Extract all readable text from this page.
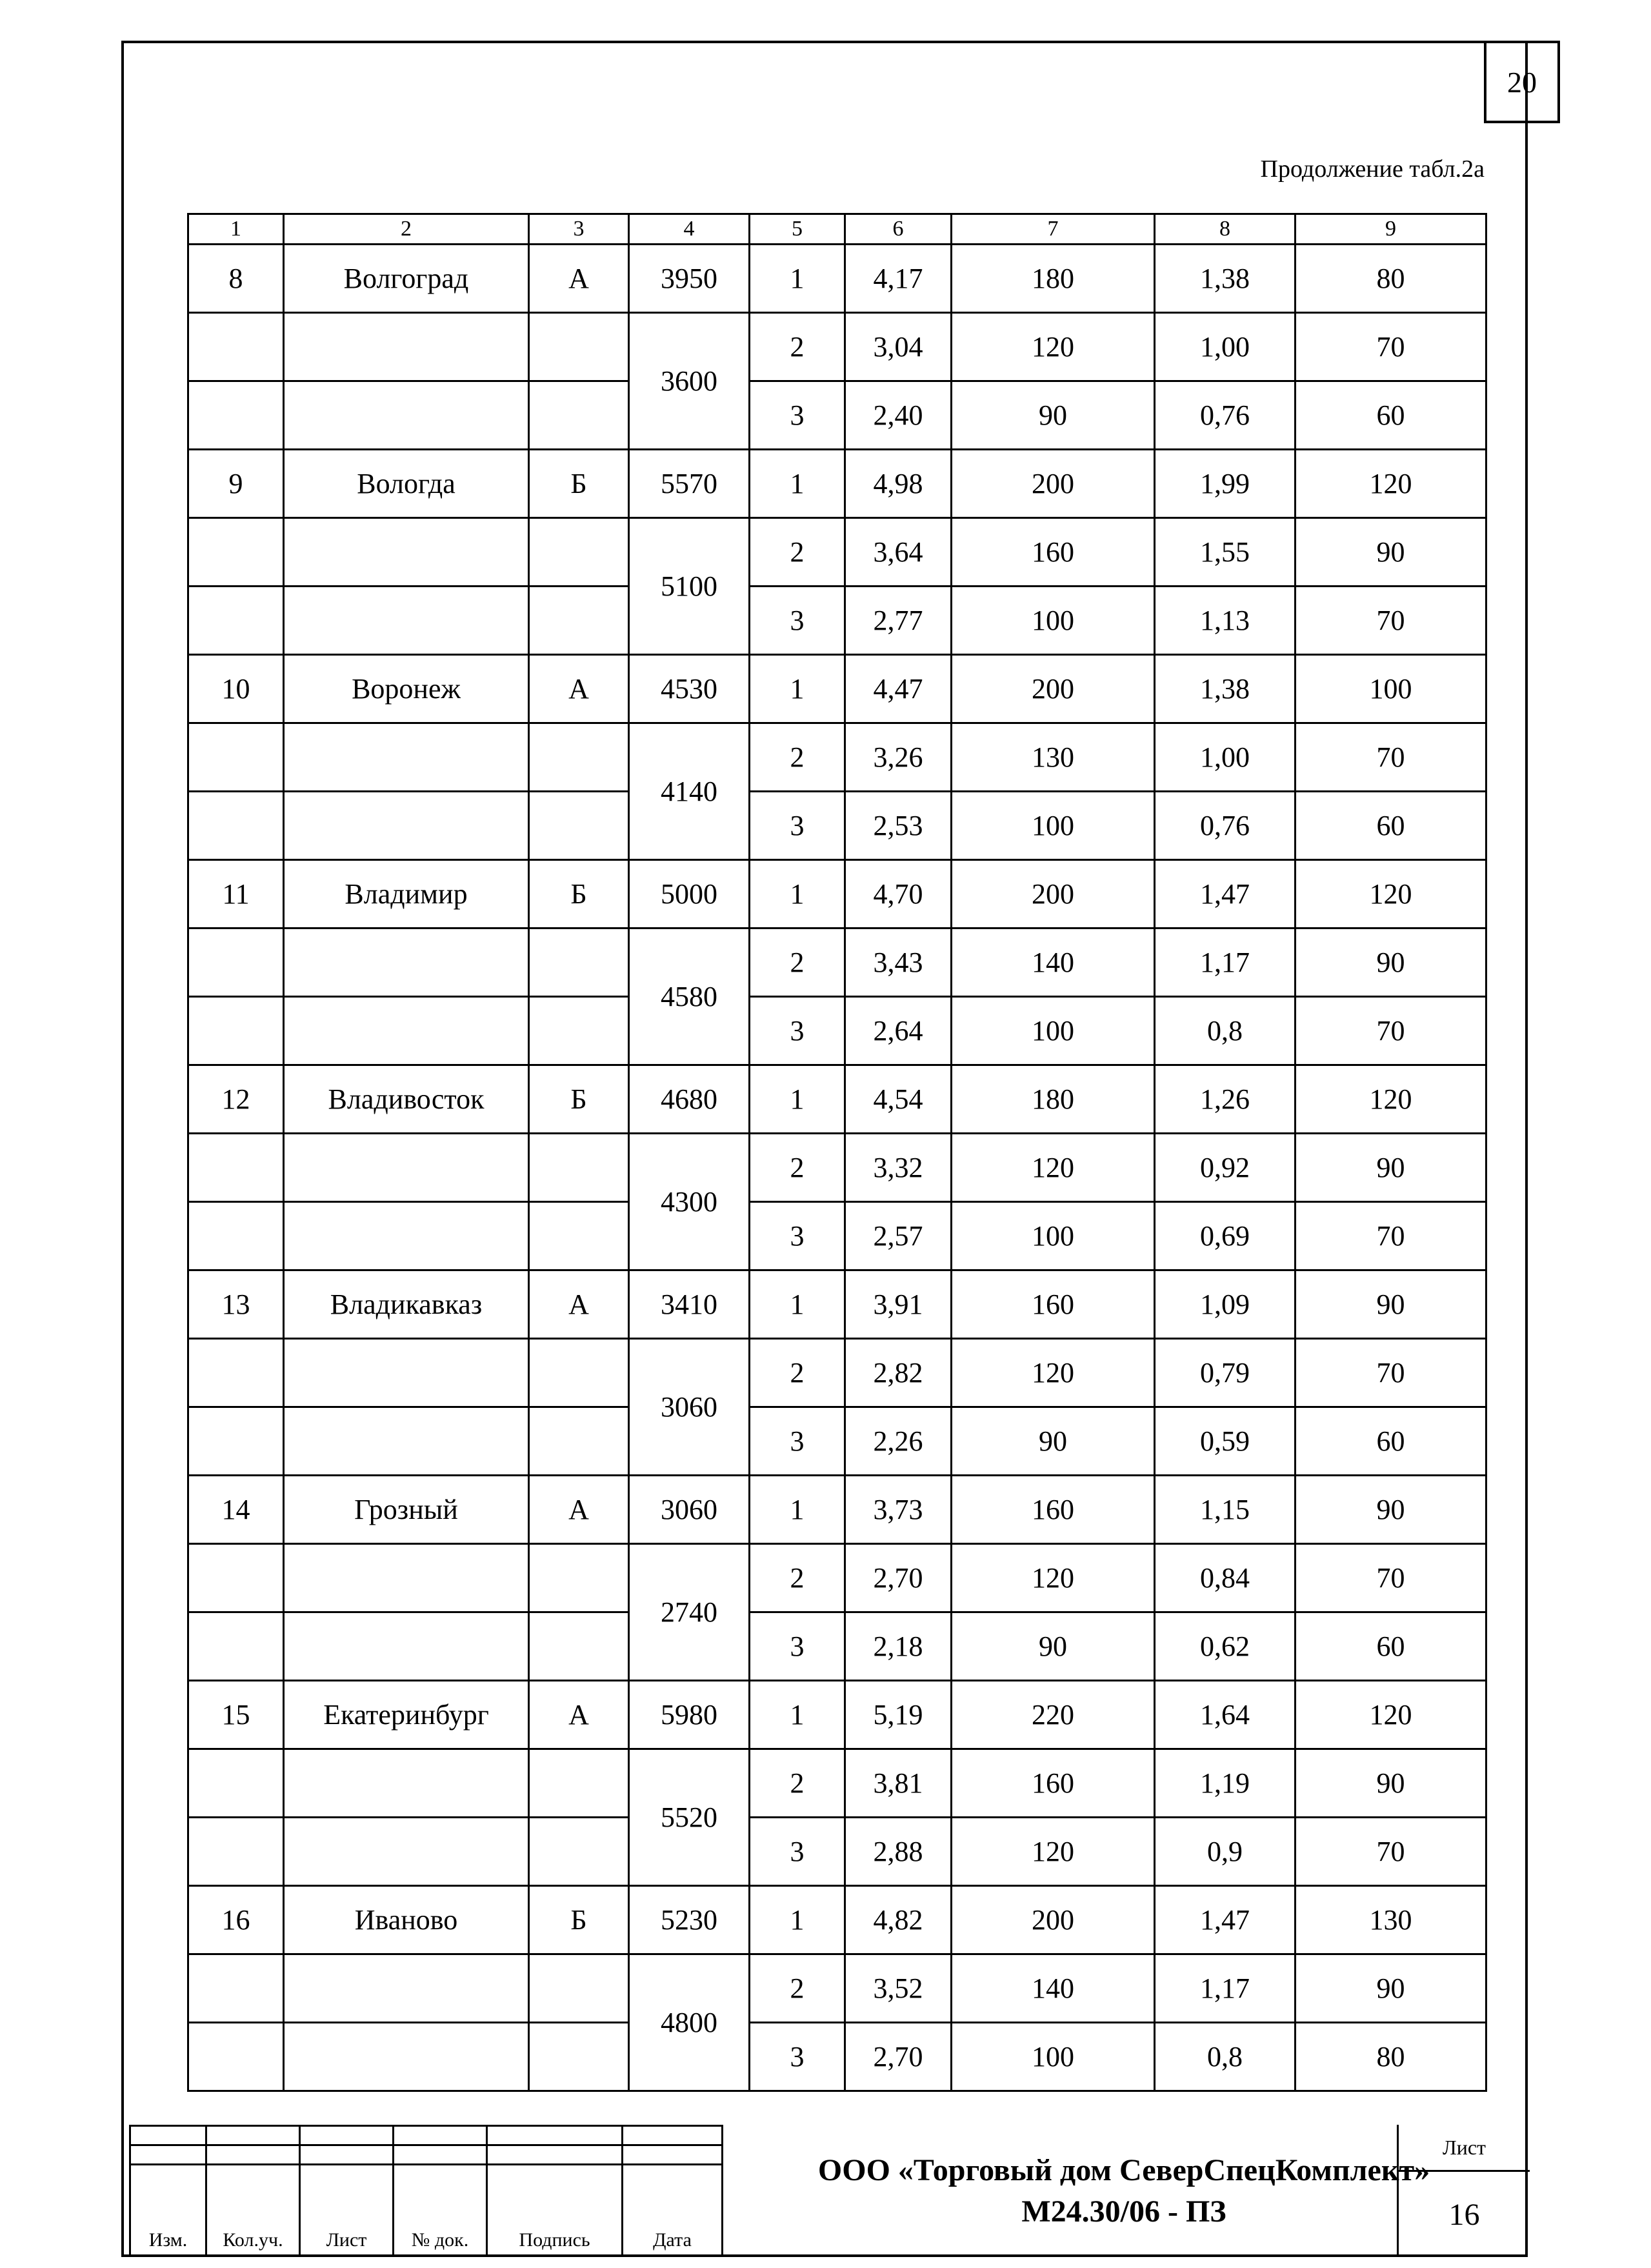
20
Продолжение табл.2а
1	2	3	4	5	6	7	8	9
8	Волгоград	А	3950	1	4,17	180	1,38	80
			3600	2	3,04	120	1,00	70
				3	2,40	90	0,76	60
9	Вологда	Б	5570	1	4,98	200	1,99	120
			5100	2	3,64	160	1,55	90
				3	2,77	100	1,13	70
10	Воронеж	А	4530	1	4,47	200	1,38	100
			4140	2	3,26	130	1,00	70
				3	2,53	100	0,76	60
11	Владимир	Б	5000	1	4,70	200	1,47	120
			4580	2	3,43	140	1,17	90
				3	2,64	100	0,8	70
12	Владивосток	Б	4680	1	4,54	180	1,26	120
			4300	2	3,32	120	0,92	90
				3	2,57	100	0,69	70
13	Владикавказ	А	3410	1	3,91	160	1,09	90
			3060	2	2,82	120	0,79	70
				3	2,26	90	0,59	60
14	Грозный	А	3060	1	3,73	160	1,15	90
			2740	2	2,70	120	0,84	70
				3	2,18	90	0,62	60
15	Екатеринбург	А	5980	1	5,19	220	1,64	120
			5520	2	3,81	160	1,19	90
				3	2,88	120	0,9	70
16	Иваново	Б	5230	1	4,82	200	1,47	130
			4800	2	3,52	140	1,17	90
				3	2,70	100	0,8	80

Изм.	Кол.уч.	Лист	№ док.	Подпись	Дата
ООО «Торговый дом СеверСпецКомплект»
М24.30/06 - ПЗ
Лист
16
